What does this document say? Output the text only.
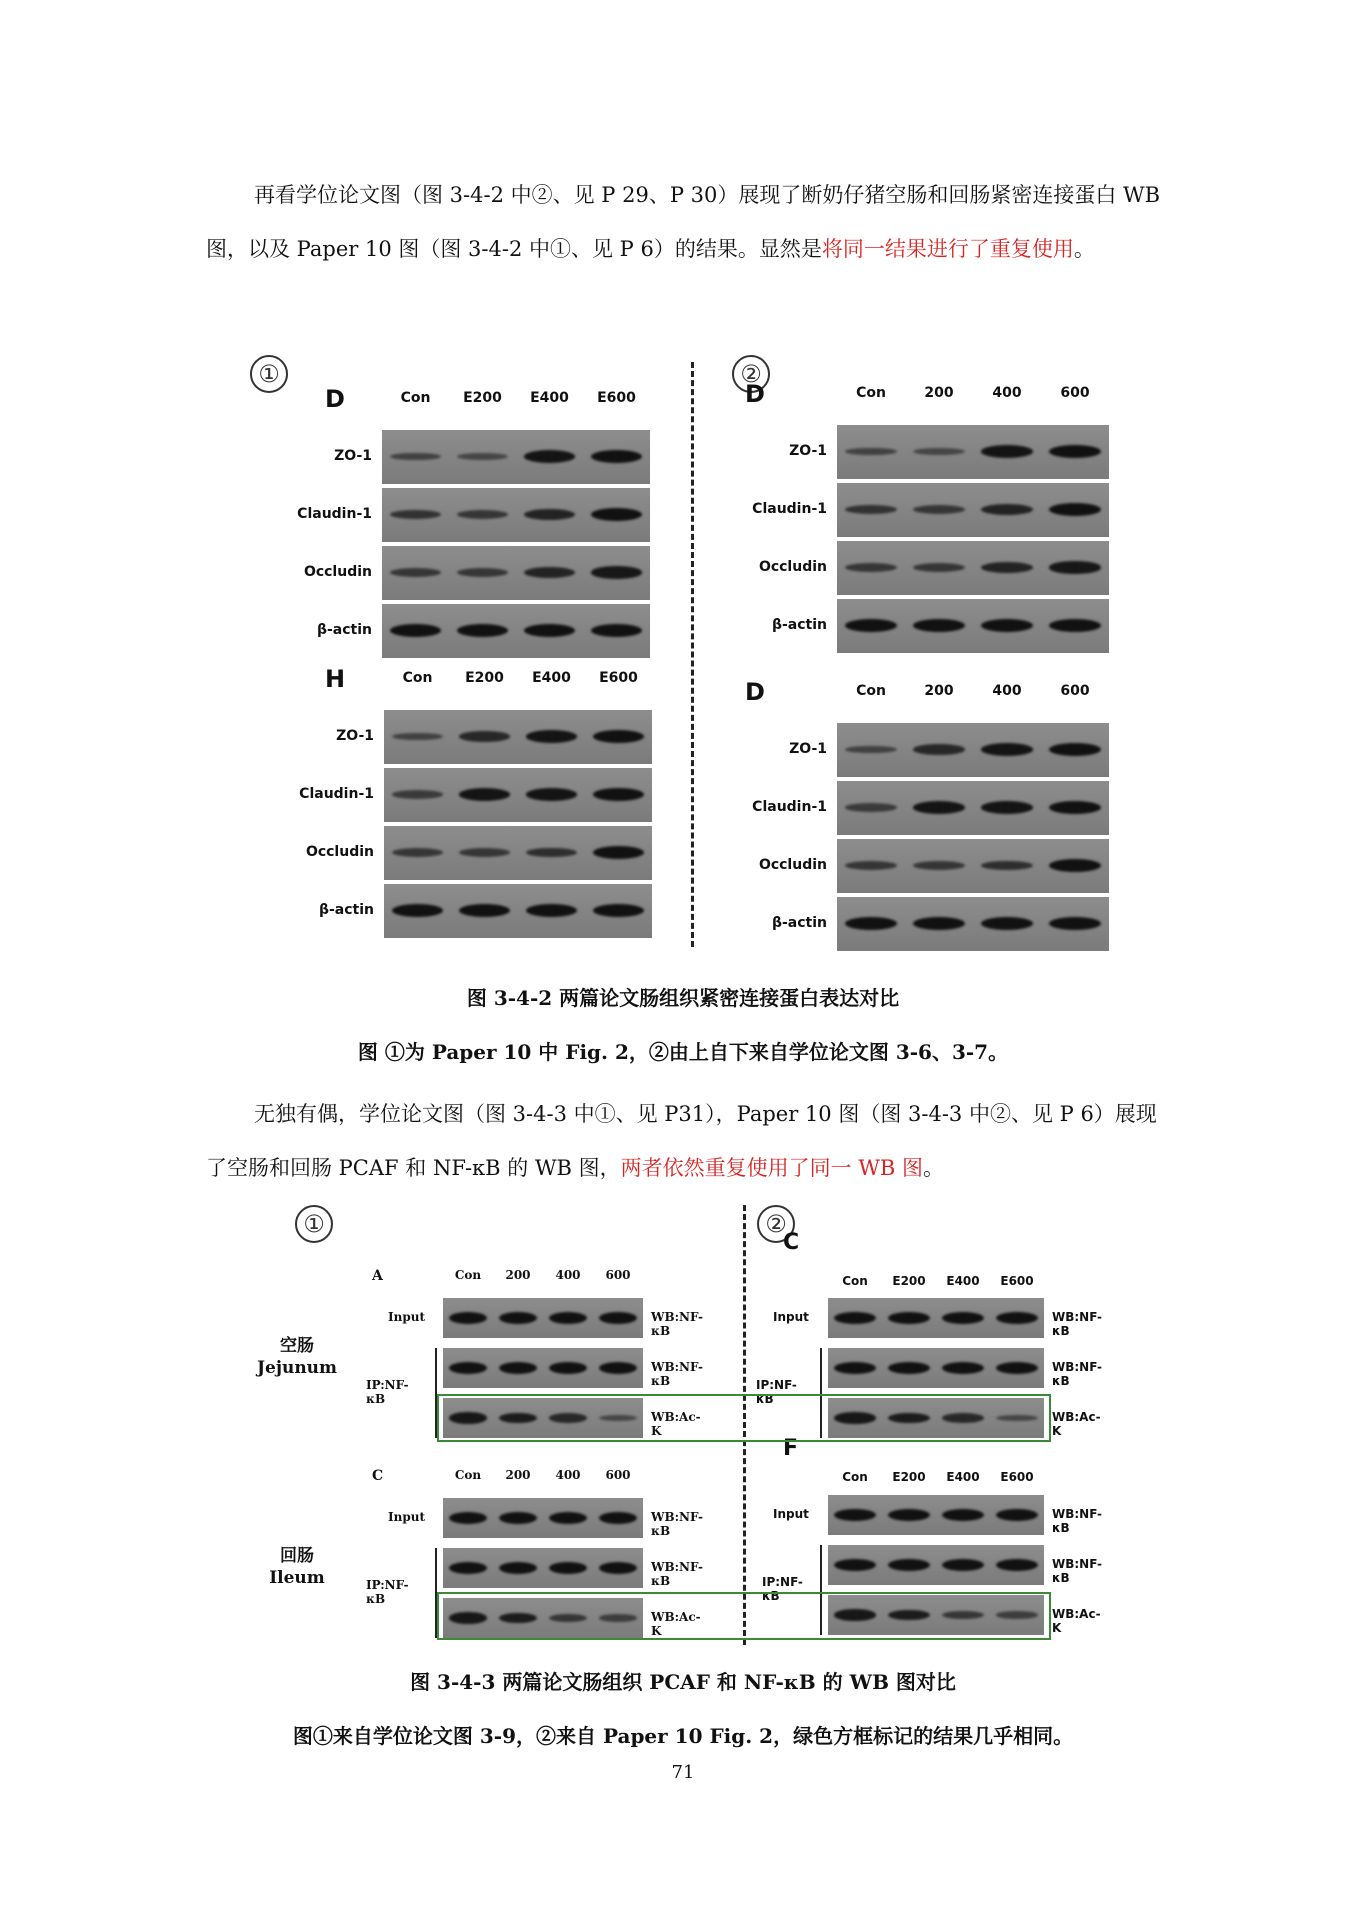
再看学位论文图（图 3-4-2 中②、见 P 29、P 30）展现了断奶仔猪空肠和回肠紧密连接蛋白 WB 图，以及 Paper 10 图（图 3-4-2 中①、见 P 6）的结果。显然是将同一结果进行了重复使用。

①	②
D	Con	E200	E400	E600
ZO-1
Claudin-1
Occludin
β-actin
D	Con	200	400	600
ZO-1
Claudin-1
Occludin
β-actin
H	Con	E200	E400	E600
ZO-1
Claudin-1
Occludin
β-actin
D	Con	200	400	600
ZO-1
Claudin-1
Occludin
β-actin
图 3-4-2 两篇论文肠组织紧密连接蛋白表达对比
图 ①为 Paper 10 中 Fig. 2，②由上自下来自学位论文图 3-6、3-7。

无独有偶，学位论文图（图 3-4-3 中①、见 P31），Paper 10 图（图 3-4-3 中②、见 P 6）展现了空肠和回肠 PCAF 和 NF-κB 的 WB 图，两者依然重复使用了同一 WB 图。

①	②
空肠
Jejunum
回肠
Ileum
A	Con	200	400	600
WB:NF-κB
WB:NF-κB
WB:Ac-K
Input
IP:NF-κB
C	Con	200	400	600
WB:NF-κB
WB:NF-κB
WB:Ac-K
Input
IP:NF-κB
C
Con	E200 E400 E600
WB:NF-κB
WB:NF-κB
WB:Ac-K
Input
IP:NF-κB
F
Con	E200 E400 E600
WB:NF-κB
WB:NF-κB
WB:Ac-K
Input
IP:NF-κB
图 3-4-3 两篇论文肠组织 PCAF 和 NF-κB 的 WB 图对比
图①来自学位论文图 3-9，②来自 Paper 10 Fig. 2，绿色方框标记的结果几乎相同。
71
